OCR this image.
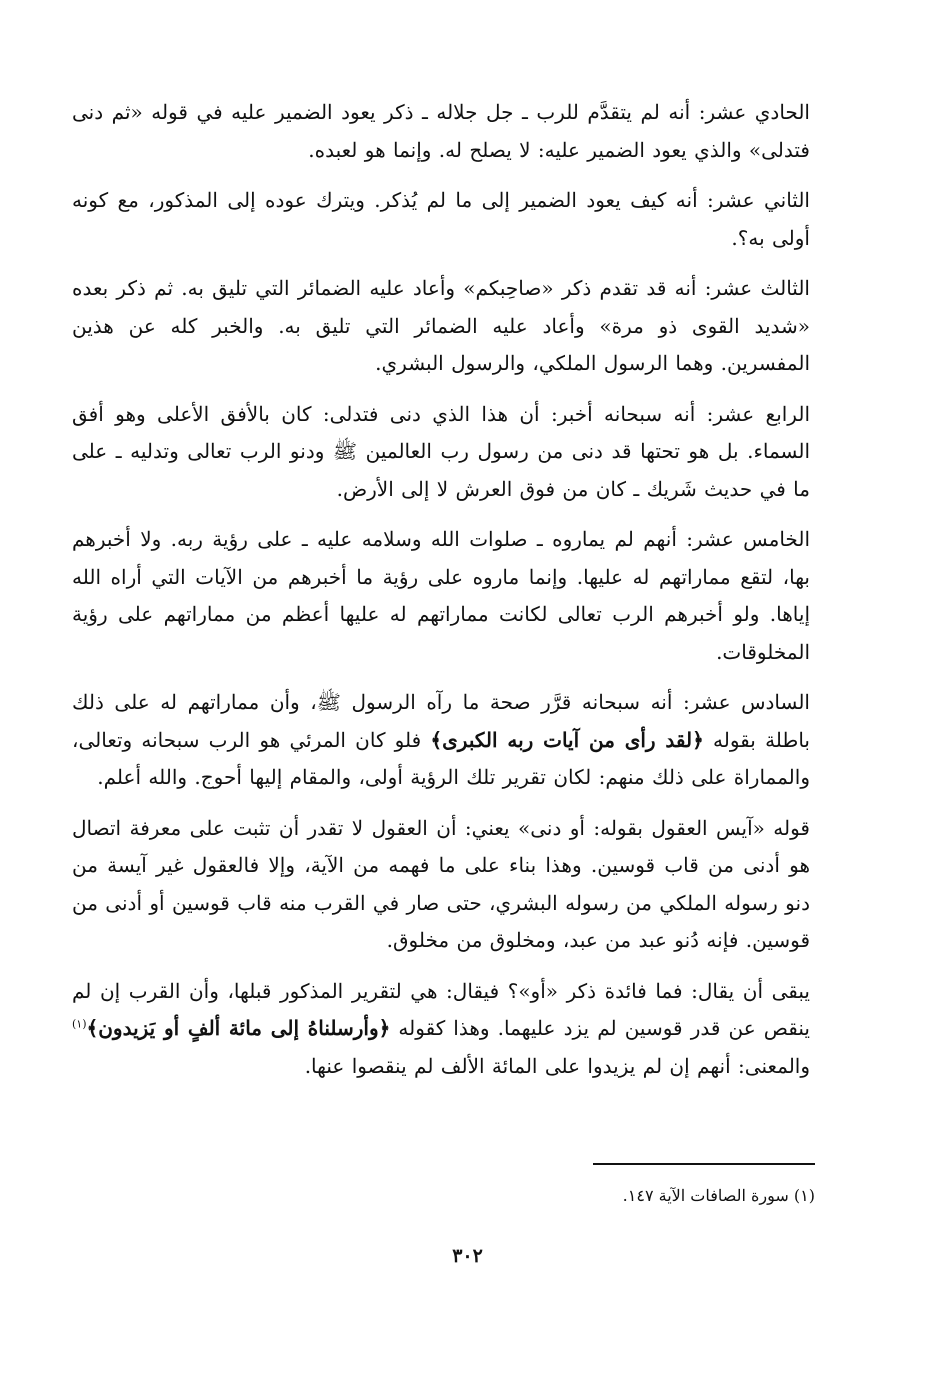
الحادي عشر: أنه لم يتقدَّم للرب ـ جل جلاله ـ ذكر يعود الضمير عليه في قوله «ثم دنى فتدلى» والذي يعود الضمير عليه: لا يصلح له. وإنما هو لعبده.

الثاني عشر: أنه كيف يعود الضمير إلى ما لم يُذكر. ويترك عوده إلى المذكور، مع كونه أولى به؟.

الثالث عشر: أنه قد تقدم ذكر «صاحِبكم» وأعاد عليه الضمائر التي تليق به. ثم ذكر بعده «شديد القوى ذو مرة» وأعاد عليه الضمائر التي تليق به. والخبر كله عن هذين المفسرين. وهما الرسول الملكي، والرسول البشري.

الرابع عشر: أنه سبحانه أخبر: أن هذا الذي دنى فتدلى: كان بالأفق الأعلى وهو أفق السماء. بل هو تحتها قد دنى من رسول رب العالمين ﷺ ودنو الرب تعالى وتدليه ـ على ما في حديث شَريك ـ كان من فوق العرش لا إلى الأرض.

الخامس عشر: أنهم لم يماروه ـ صلوات الله وسلامه عليه ـ على رؤية ربه. ولا أخبرهم بها، لتقع مماراتهم له عليها. وإنما ماروه على رؤية ما أخبرهم من الآيات التي أراه الله إياها. ولو أخبرهم الرب تعالى لكانت مماراتهم له عليها أعظم من مماراتهم على رؤية المخلوقات.

السادس عشر: أنه سبحانه قرَّر صحة ما رآه الرسول ﷺ، وأن مماراتهم له على ذلك باطلة بقوله ﴿لقد رأى من آيات ربه الكبرى﴾ فلو كان المرئي هو الرب سبحانه وتعالى، والمماراة على ذلك منهم: لكان تقرير تلك الرؤية أولى، والمقام إليها أحوج. والله أعلم.

قوله «آيس العقول بقوله: أو دنى» يعني: أن العقول لا تقدر أن تثبت على معرفة اتصال هو أدنى من قاب قوسين. وهذا بناء على ما فهمه من الآية، وإلا فالعقول غير آيسة من دنو رسوله الملكي من رسوله البشري، حتى صار في القرب منه قاب قوسين أو أدنى من قوسين. فإنه دُنو عبد من عبد، ومخلوق من مخلوق.

يبقى أن يقال: فما فائدة ذكر «أو»؟ فيقال: هي لتقرير المذكور قبلها، وأن القرب إن لم ينقص عن قدر قوسين لم يزد عليهما. وهذا كقوله ﴿وأرسلناهُ إلى مائة ألفٍ أو يَزيدون﴾$^{(١)}$ والمعنى: أنهم إن لم يزيدوا على المائة الألف لم ينقصوا عنها.

(١) سورة الصافات الآية ١٤٧.
٣٠٢
